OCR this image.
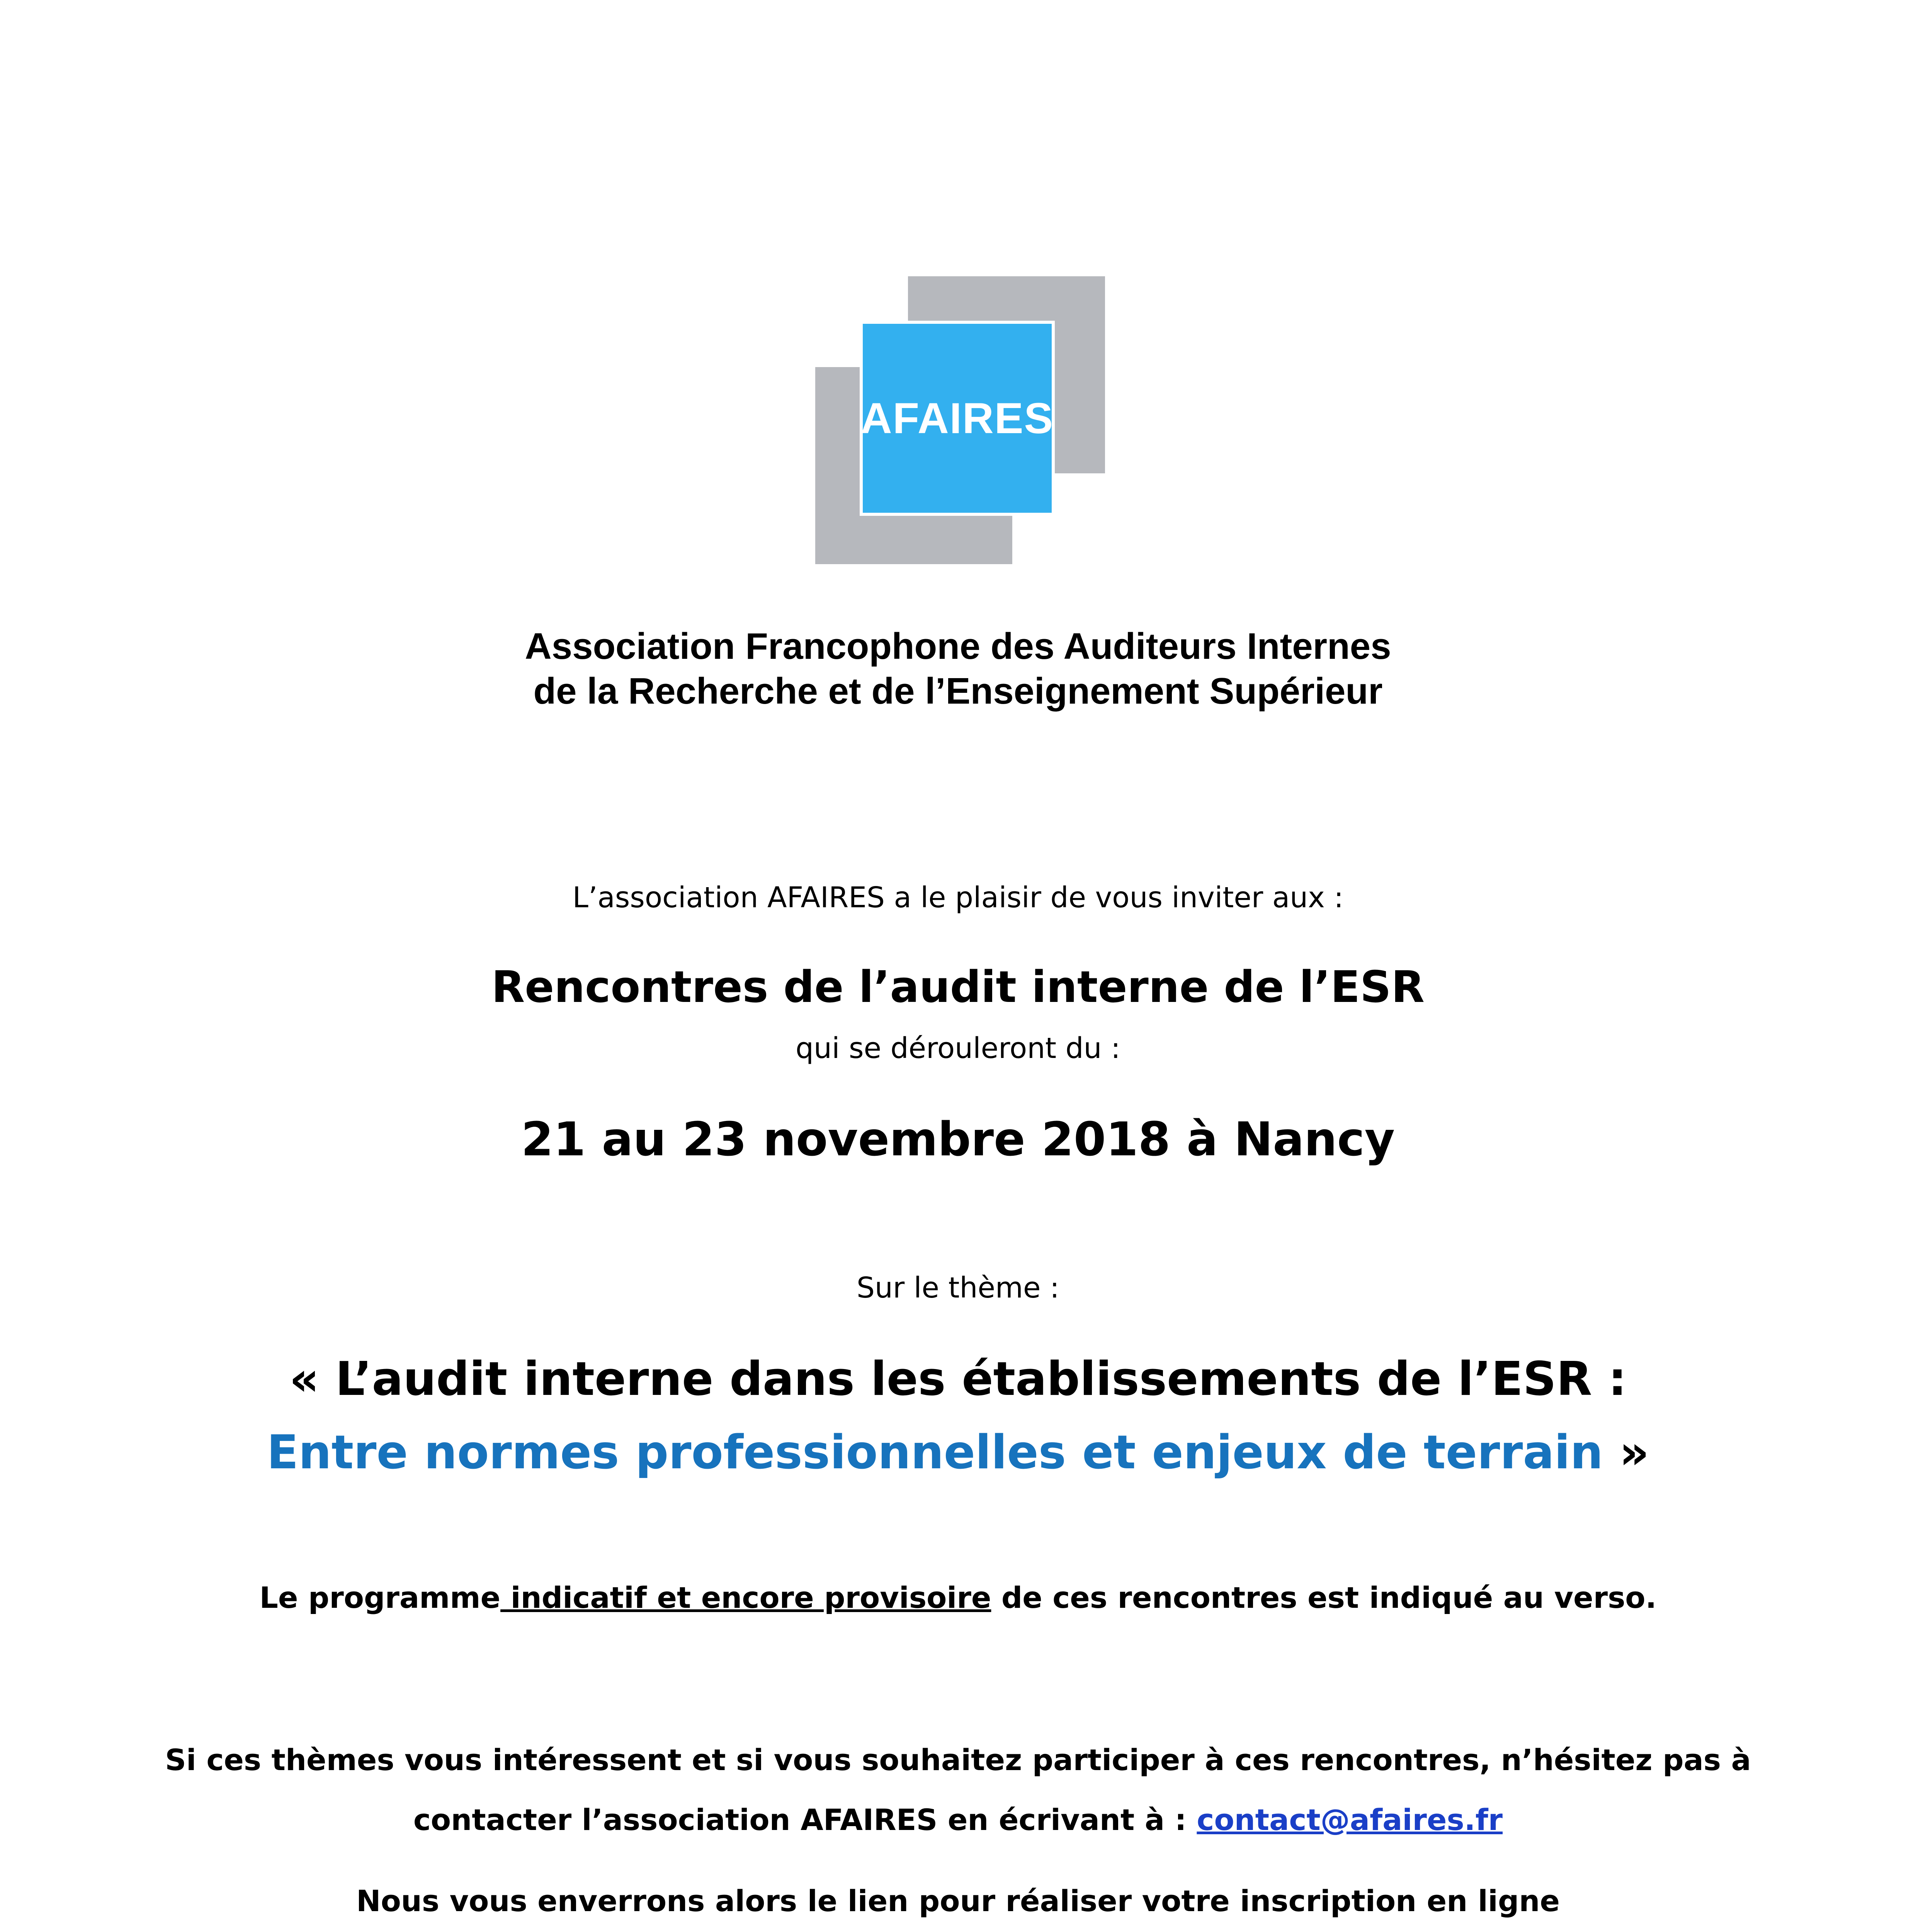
AFAIRES
Association Francophone des Auditeurs Internes
de la Recherche et de l’Enseignement Supérieur
L’association AFAIRES a le plaisir de vous inviter aux :
Rencontres de l’audit interne de l’ESR
qui se dérouleront du :
21 au 23 novembre 2018 à Nancy
Sur le thème :
« L’audit interne dans les établissements de l’ESR :
Entre normes professionnelles et enjeux de terrain »
Le programme indicatif et encore provisoire de ces rencontres est indiqué au verso.
Si ces thèmes vous intéressent et si vous souhaitez participer à ces rencontres, n’hésitez pas à
contacter l’association AFAIRES en écrivant à : contact@afaires.fr
Nous vous enverrons alors le lien pour réaliser votre inscription en ligne
